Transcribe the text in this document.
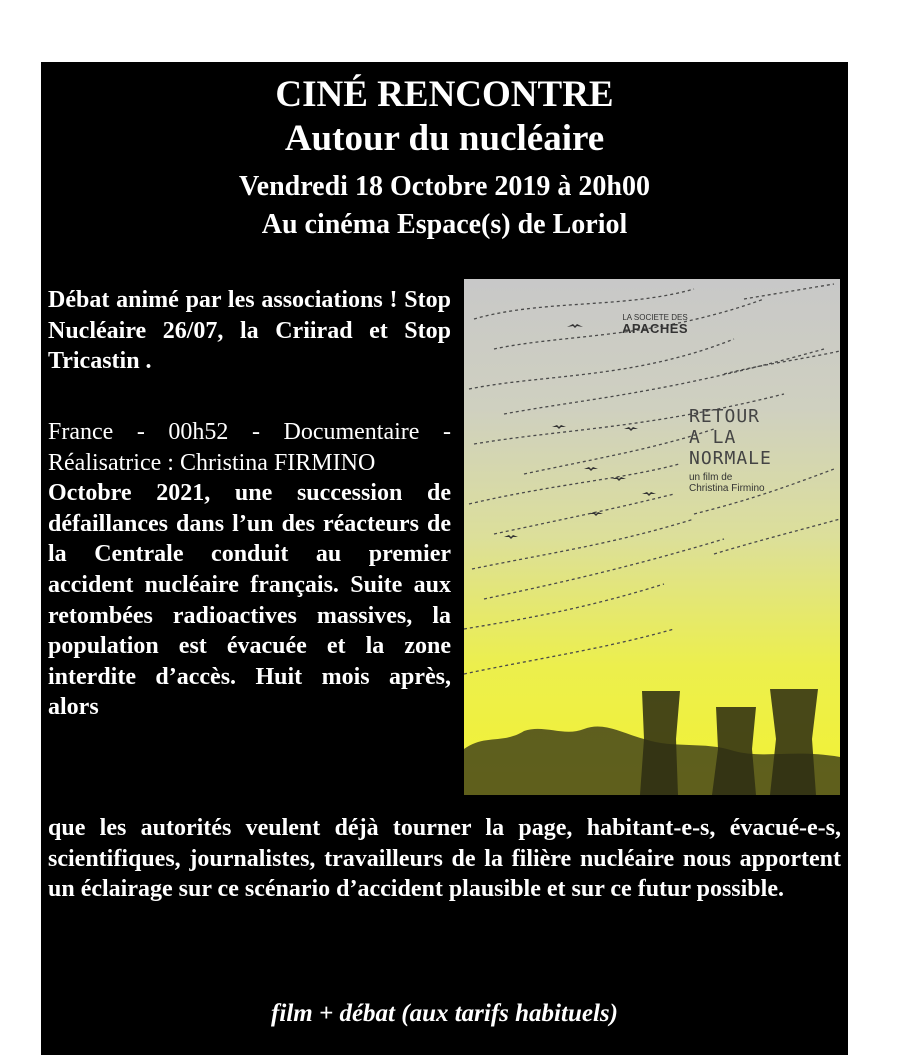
CINÉ RENCONTRE
Autour du nucléaire
Vendredi 18 Octobre 2019 à 20h00
Au cinéma Espace(s) de Loriol

Débat animé par les associations ! Stop Nucléaire 26/07, la Criirad et Stop Tricastin .

France - 00h52 - Documentaire - Réalisatrice : Christina FIRMINO

Octobre 2021, une succession de défaillances dans l’un des réacteurs de la Centrale conduit au premier accident nucléaire français. Suite aux retombées radioactives massives, la population est évacuée et la zone interdite d’accès. Huit mois après, alors

que les autorités veulent déjà tourner la page, habitant-e-s, évacué-e-s, scientifiques, journalistes, travailleurs de la filière nucléaire nous apportent un éclairage sur ce scénario d’accident plausible et sur ce futur possible.
film + débat (aux tarifs habituels)
LA SOCIETE DES
APACHES
RETOUR
A LA
NORMALE
un film de
Christina Firmino
